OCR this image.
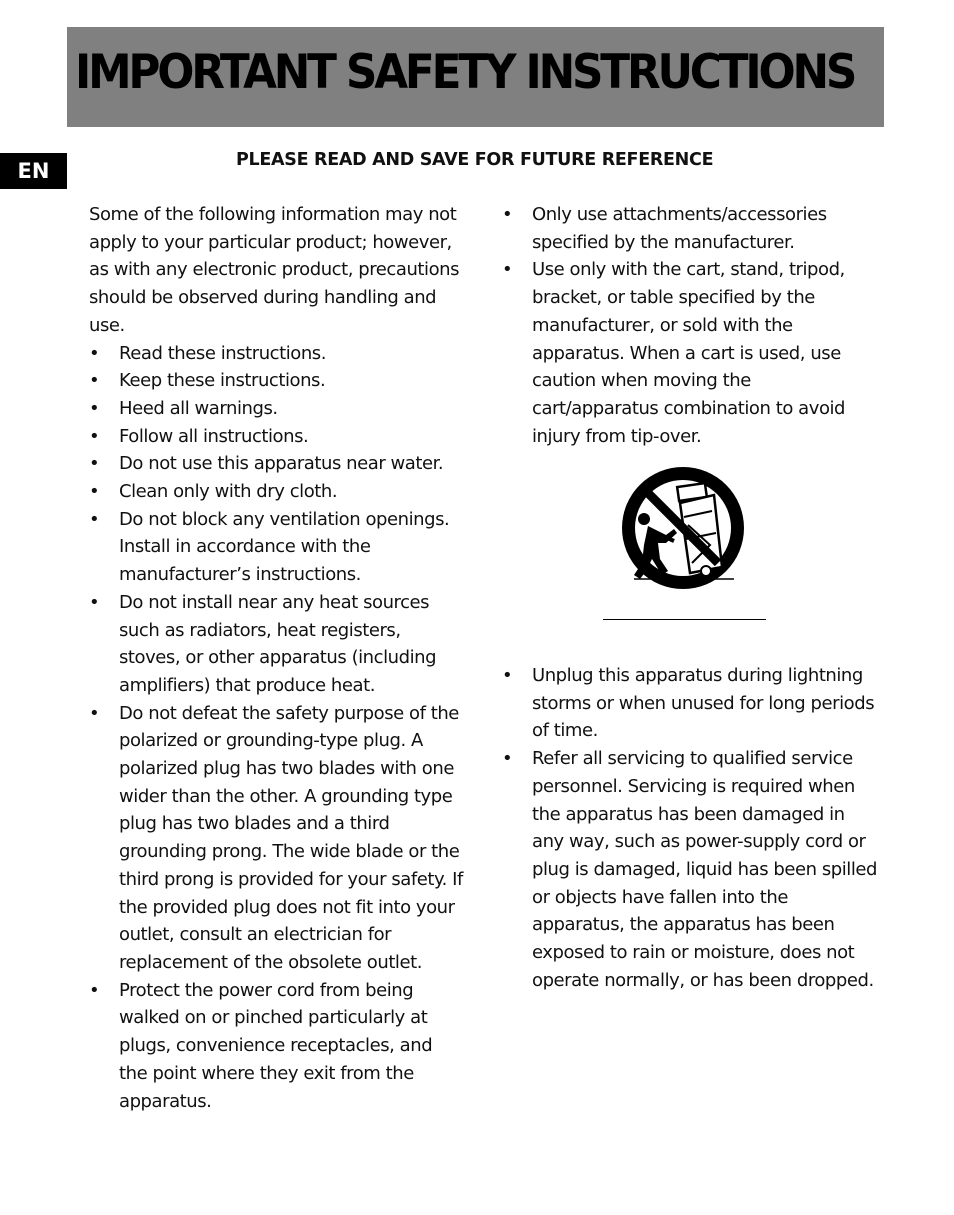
IMPORTANT SAFETY INSTRUCTIONS
EN	PLEASE READ AND SAVE FOR FUTURE REFERENCE

Some of the following information may not apply to your particular product; however, as with any electronic product, precautions should be observed during handling and use.

• Read these instructions.
• Keep these instructions.
• Heed all warnings.
• Follow all instructions.
• Do not use this apparatus near water.
• Clean only with dry cloth.
• Do not block any ventilation openings. Install in accordance with the manufacturer’s instructions.
• Do not install near any heat sources such as radiators, heat registers, stoves, or other apparatus (including amplifiers) that produce heat.
• Do not defeat the safety purpose of the polarized or grounding-type plug. A polarized plug has two blades with one wider than the other. A grounding type plug has two blades and a third grounding prong. The wide blade or the third prong is provided for your safety. If the provided plug does not fit into your outlet, consult an electrician for replacement of the obsolete outlet.
• Protect the power cord from being walked on or pinched particularly at plugs, convenience receptacles, and the point where they exit from the apparatus.
• Only use attachments/accessories specified by the manufacturer.
• Use only with the cart, stand, tripod, bracket, or table specified by the manufacturer, or sold with the apparatus. When a cart is used, use caution when moving the cart/apparatus combination to avoid injury from tip-over.
• Unplug this apparatus during lightning storms or when unused for long periods of time.
• Refer all servicing to qualified service personnel. Servicing is required when the apparatus has been damaged in any way, such as power-supply cord or plug is damaged, liquid has been spilled or objects have fallen into the apparatus, the apparatus has been exposed to rain or moisture, does not operate normally, or has been dropped.
